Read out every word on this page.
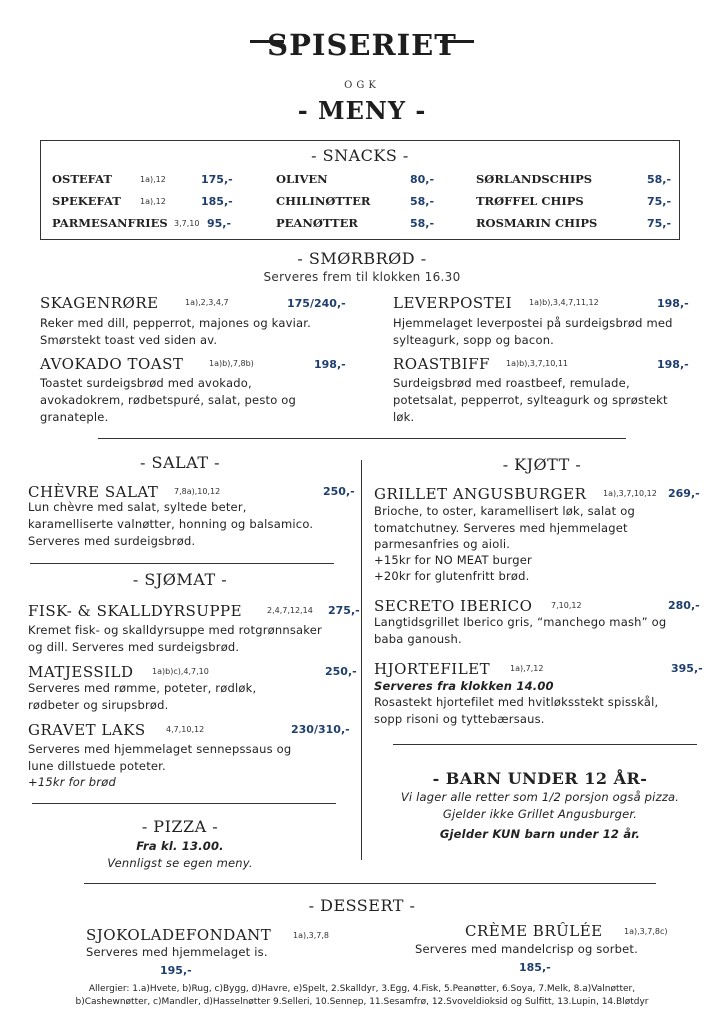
SPISERIET
OGK
- MENY -
- SNACKS -
OSTEFAT	1a),12	175,-
SPEKEFAT 1a),12	185,-
PARMESANFRIES 3,7,10 95,-
OLIVEN	80,-
CHILINØTTER	58,-
PEANØTTER	58,-
SØRLANDSCHIPS	58,-
TRØFFEL CHIPS	75,-
ROSMARIN CHIPS	75,-
- SMØRBRØD -
Serveres frem til klokken 16.30
SKAGENRØRE	1a),2,3,4,7	175/240,-
Reker med dill, pepperrot, majones og kaviar.
Smørstekt toast ved siden av.
AVOKADO TOAST	1a)b),7,8b)	198,-
Toastet surdeigsbrød med avokado,
avokadokrem, rødbetspuré, salat, pesto og
granateple.
LEVERPOSTEI 1a)b),3,4,7,11,12	198,-
Hjemmelaget leverpostei på surdeigsbrød med
sylteagurk, sopp og bacon.
ROASTBIFF 1a)b),3,7,10,11	198,-
Surdeigsbrød med roastbeef, remulade,
potetsalat, pepperrot, sylteagurk og sprøstekt
løk.
- SALAT -
CHÈVRE SALAT 7,8a),10,12	250,-
Lun chèvre med salat, syltede beter,
karamelliserte valnøtter, honning og balsamico.
Serveres med surdeigsbrød.
- SJØMAT -
FISK- & SKALLDYRSUPPE	2,4,7,12,14 275,-
Kremet fisk- og skalldyrsuppe med rotgrønnsaker
og dill. Serveres med surdeigsbrød.
MATJESSILD 1a)b)c),4,7,10	250,-
Serveres med rømme, poteter, rødløk,
rødbeter og sirupsbrød.
GRAVET LAKS	4,7,10,12	230/310,-
Serveres med hjemmelaget sennepssaus og
lune dillstuede poteter.
+15kr for brød
- PIZZA -
Fra kl. 13.00.
Vennligst se egen meny.
- KJØTT -
GRILLET ANGUSBURGER 1a),3,7,10,12 269,-
Brioche, to oster, karamellisert løk, salat og
tomatchutney. Serveres med hjemmelaget
parmesanfries og aioli.
+15kr for NO MEAT burger
+20kr for glutenfritt brød.
SECRETO IBERICO 7,10,12	280,-
Langtidsgrillet Iberico gris, “manchego mash” og
baba ganoush.
HJORTEFILET 1a),7,12	395,-
Serveres fra klokken 14.00
Rosastekt hjortefilet med hvitløksstekt spisskål,
sopp risoni og tyttebærsaus.
- BARN UNDER 12 ÅR-
Vi lager alle retter som 1/2 porsjon også pizza.
Gjelder ikke Grillet Angusburger.
Gjelder KUN barn under 12 år.
- DESSERT -
SJOKOLADEFONDANT	1a),3,7,8
Serveres med hjemmelaget is.
195,-
CRÈME BRÛLÉE	1a),3,7,8c)
Serveres med mandelcrisp og sorbet.
185,-
Allergier: 1.a)Hvete, b)Rug, c)Bygg, d)Havre, e)Spelt, 2.Skalldyr, 3.Egg, 4.Fisk, 5.Peanøtter, 6.Soya, 7.Melk, 8.a)Valnøtter,
b)Cashewnøtter, c)Mandler, d)Hasselnøtter 9.Selleri, 10.Sennep, 11.Sesamfrø, 12.Svoveldioksid og Sulfitt, 13.Lupin, 14.Bløtdyr
